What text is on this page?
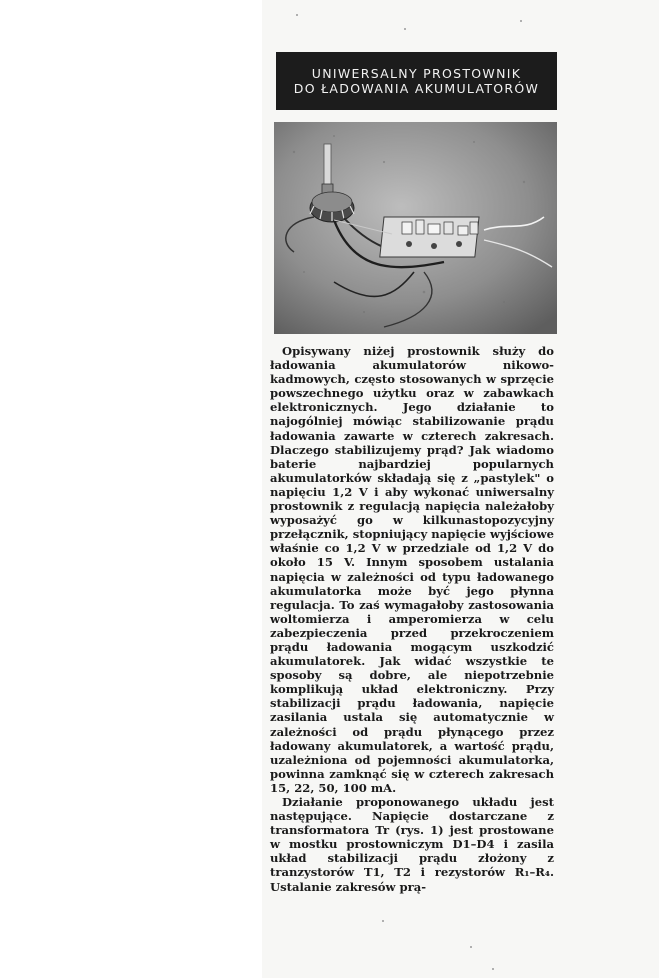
UNIWERSALNY PROSTOWNIK
DO ŁADOWANIA AKUMULATORÓW

Opisywany niżej prostownik służy do ładowania akumulatorów nikowo-kadmowych, często stosowanych w sprzęcie powszechnego użytku oraz w zabawkach elektronicznych. Jego działanie to najogólniej mówiąc stabilizowanie prądu ładowania zawarte w czterech zakresach. Dlaczego stabilizujemy prąd? Jak wiadomo baterie najbardziej popularnych akumulatorków składają się z „pastylek" o napięciu 1,2 V i aby wykonać uniwersalny prostownik z regulacją napięcia należałoby wyposażyć go w kilkunastopozycyjny przełącznik, stopniujący napięcie wyjściowe właśnie co 1,2 V w przedziale od 1,2 V do około 15 V. Innym sposobem ustalania napięcia w zależności od typu ładowanego akumulatorka może być jego płynna regulacja. To zaś wymagałoby zastosowania woltomierza i amperomierza w celu zabezpieczenia przed przekroczeniem prądu ładowania mogącym uszkodzić akumulatorek. Jak widać wszystkie te sposoby są dobre, ale niepotrzebnie komplikują układ elektroniczny. Przy stabilizacji prądu ładowania, napięcie zasilania ustala się automatycznie w zależności od prądu płynącego przez ładowany akumulatorek, a wartość prądu, uzależniona od pojemności akumulatorka, powinna zamknąć się w czterech zakresach 15, 22, 50, 100 mA.

Działanie proponowanego układu jest następujące. Napięcie dostarczane z transformatora Tr (rys. 1) jest prostowane w mostku prostowniczym D1–D4 i zasila układ stabilizacji prądu złożony z tranzystorów T1, T2 i rezystorów R₁–R₄. Ustalanie zakresów prą-
